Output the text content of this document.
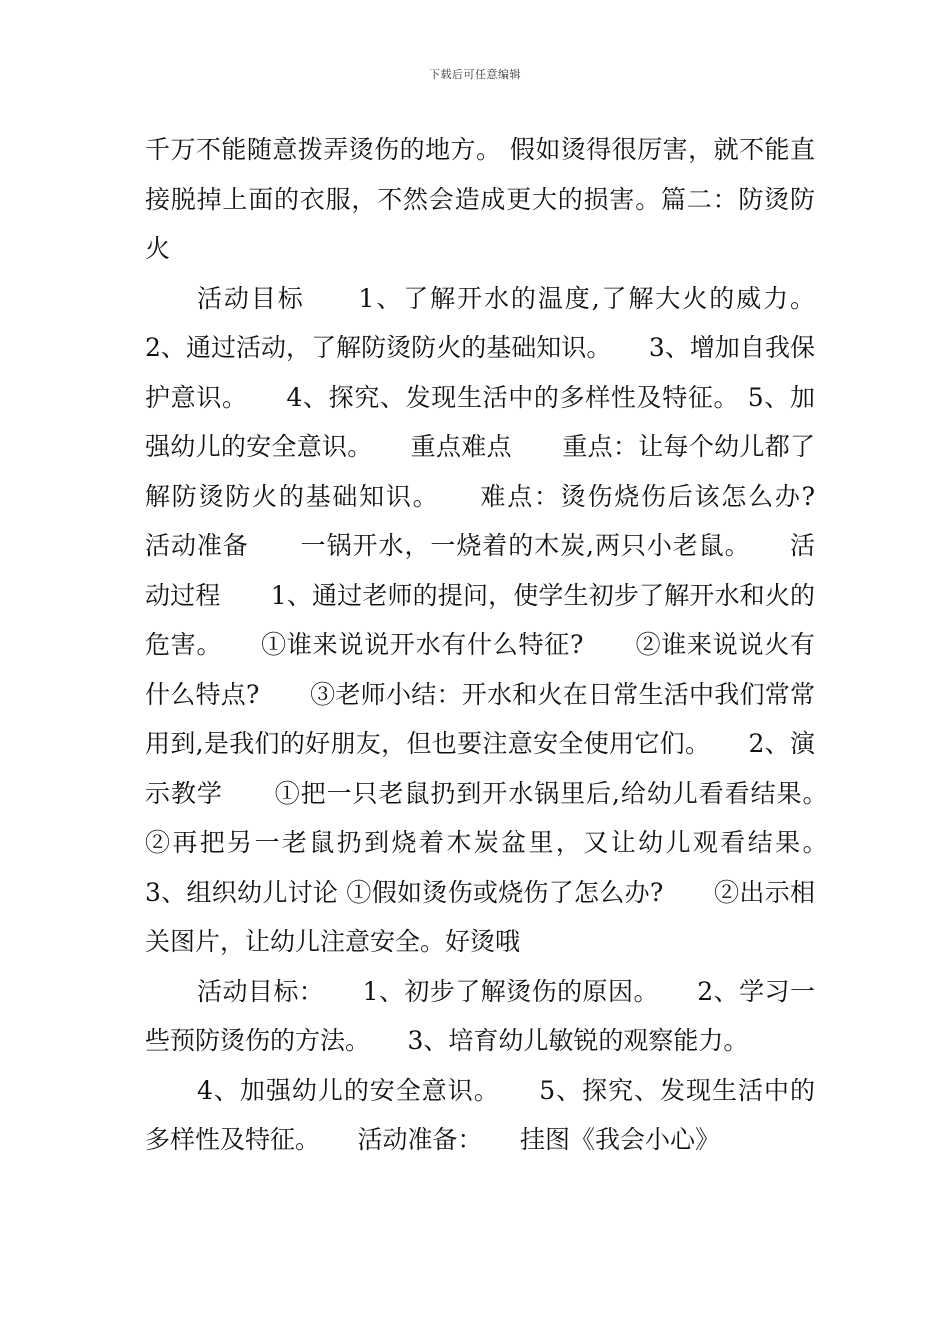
下载后可任意编辑

千万不能随意拨弄烫伤的地方。 假如烫得很厉害，就不能直接脱掉上面的衣服，不然会造成更大的损害。篇二：防烫防火

活动目标　　1、了解开水的温度,了解大火的威力。 2、通过活动，了解防烫防火的基础知识。　　3、增加自我保护意识。　　4、探究、发现生活中的多样性及特征。 5、加强幼儿的安全意识。　　重点难点　　重点：让每个幼儿都了解防烫防火的基础知识。　　难点：烫伤烧伤后该怎么办?　　活动准备　　一锅开水，一烧着的木炭,两只小老鼠。　　活动过程　　1、通过老师的提问，使学生初步了解开水和火的危害。　　①谁来说说开水有什么特征?　　②谁来说说火有什么特点?　　③老师小结：开水和火在日常生活中我们常常用到,是我们的好朋友，但也要注意安全使用它们。　　2、演示教学　　①把一只老鼠扔到开水锅里后,给幼儿看看结果。　　②再把另一老鼠扔到烧着木炭盆里，又让幼儿观看结果。　　3、组织幼儿讨论 ①假如烫伤或烧伤了怎么办?　　②出示相关图片，让幼儿注意安全。好烫哦

活动目标：　　1、初步了解烫伤的原因。　　2、学习一些预防烫伤的方法。　　3、培育幼儿敏锐的观察能力。

4、加强幼儿的安全意识。　　5、探究、发现生活中的多样性及特征。　　活动准备：　　挂图《我会小心》
